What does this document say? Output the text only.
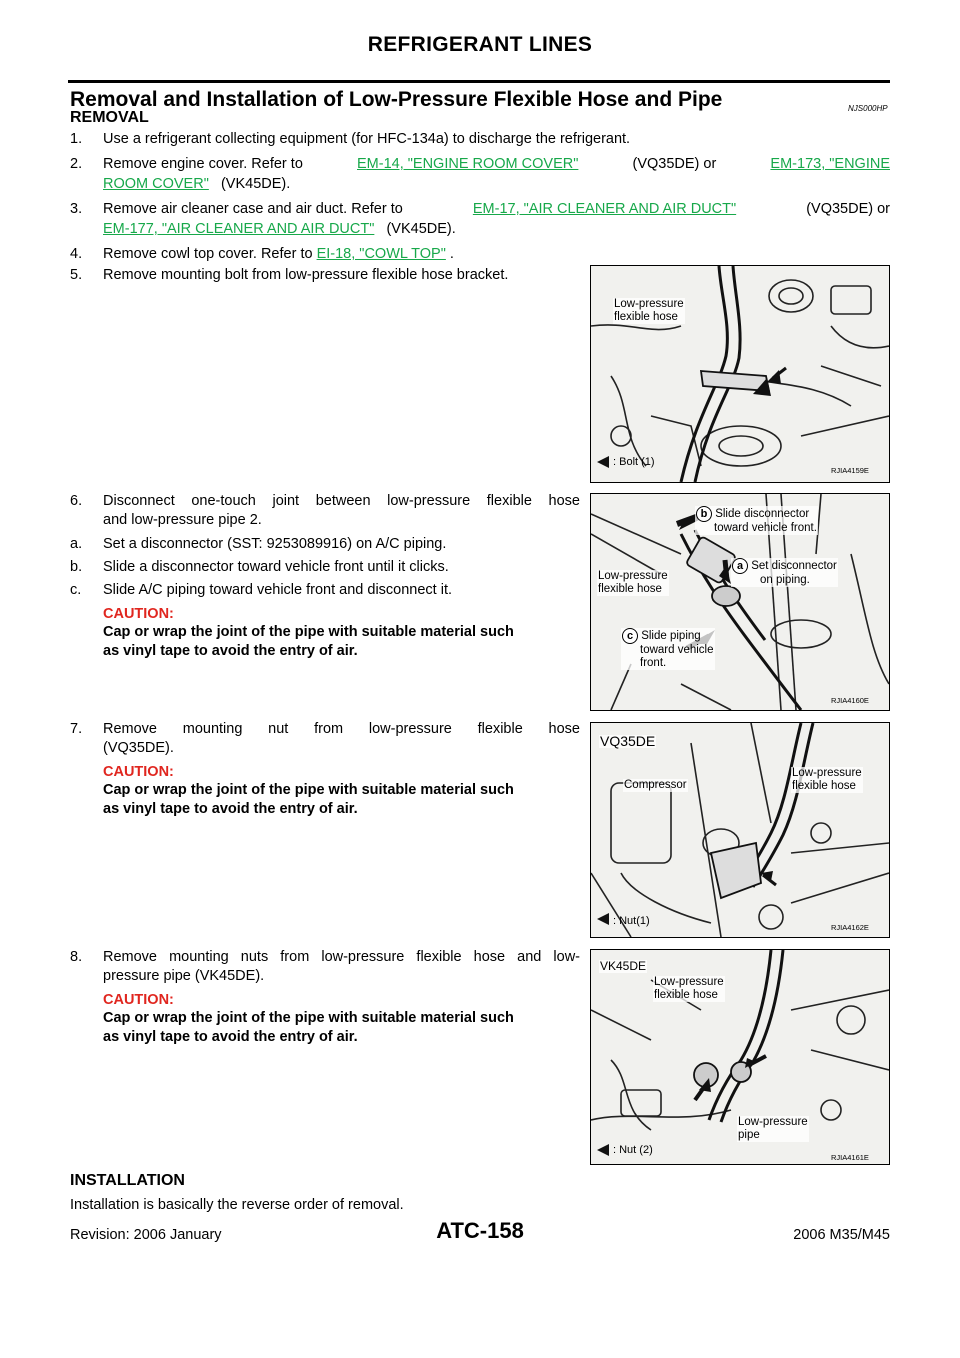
REFRIGERANT LINES
Removal and Installation of Low-Pressure Flexible Hose and Pipe	NJS000HP
REMOVAL
1. Use a refrigerant collecting equipment (for HFC-134a) to discharge the refrigerant.
2. Remove engine cover. Refer to	EM-14, "ENGINE ROOM COVER"	(VQ35DE) or	EM-173, "ENGINE
ROOM COVER" (VK45DE).
3. Remove air cleaner case and air duct. Refer to	EM-17, "AIR CLEANER AND AIR DUCT"	(VQ35DE) or
EM-177, "AIR CLEANER AND AIR DUCT" (VK45DE).
4. Remove cowl top cover. Refer to EI-18, "COWL TOP" .
5. Remove mounting bolt from low-pressure flexible hose bracket.
Low-pressure
flexible hose
: Bolt (1)
RJIA4159E
6. Disconnect one-touch joint between low-pressure flexible hose
and low-pressure pipe 2.
a. Set a disconnector (SST: 9253089916) on A/C piping.
b. Slide a disconnector toward vehicle front until it clicks.
c. Slide A/C piping toward vehicle front and disconnect it.
CAUTION:
Cap or wrap the joint of the pipe with suitable material such
as vinyl tape to avoid the entry of air.
b Slide disconnector
toward vehicle front.
a Set disconnector
on piping.
Low-pressure
flexible hose
c Slide piping
toward vehicle
front.
RJIA4160E
7. Remove mounting nut from low-pressure flexible hose
(VQ35DE).
CAUTION:
Cap or wrap the joint of the pipe with suitable material such
as vinyl tape to avoid the entry of air.
VQ35DE
Compressor
Low-pressure
flexible hose
: Nut(1)
RJIA4162E
8. Remove mounting nuts from low-pressure flexible hose and low-
pressure pipe (VK45DE).
CAUTION:
Cap or wrap the joint of the pipe with suitable material such
as vinyl tape to avoid the entry of air.
VK45DE
Low-pressure
flexible hose
Low-pressure
pipe
: Nut (2)
RJIA4161E
INSTALLATION
Installation is basically the reverse order of removal.
ATC-158
Revision: 2006 January	2006 M35/M45
